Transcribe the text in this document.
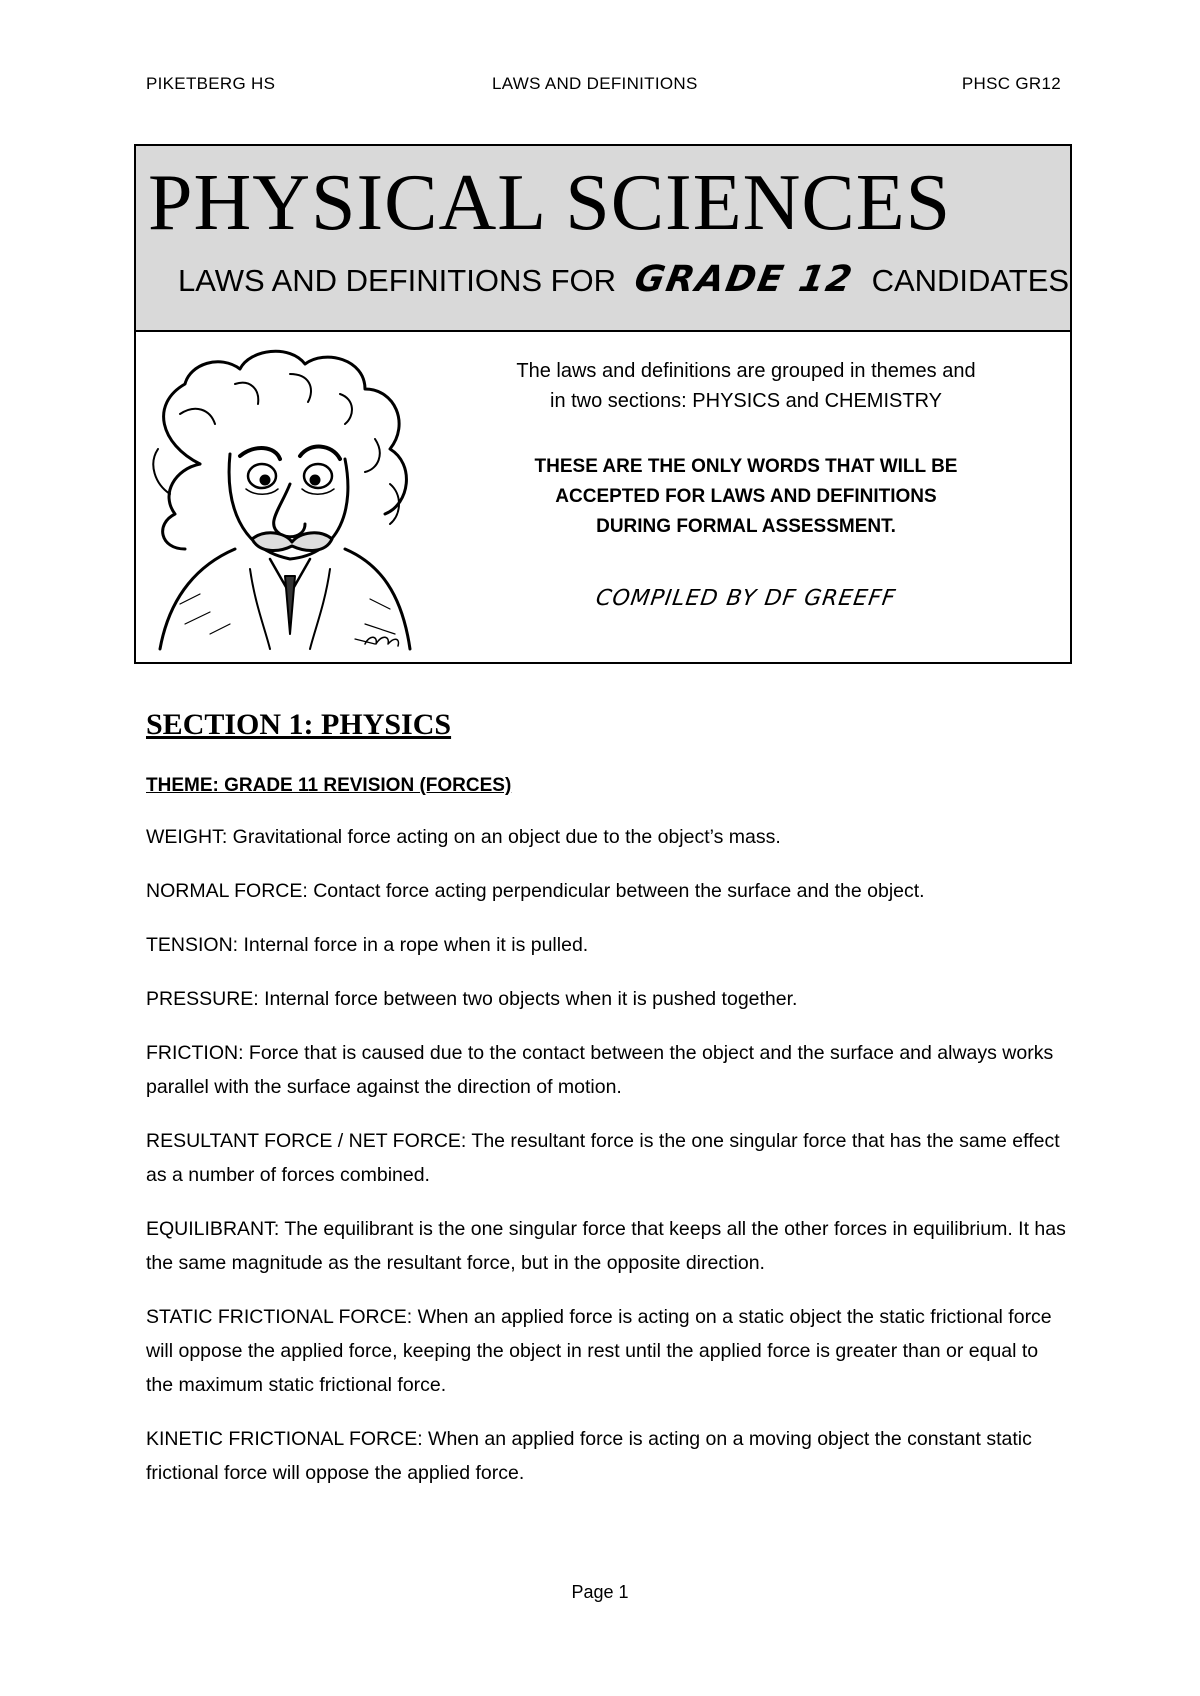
PIKETBERG HS	LAWS AND DEFINITIONS	PHSC GR12
PHYSICAL SCIENCES
LAWS AND DEFINITIONS FOR GRADE 12 CANDIDATES

The laws and definitions are grouped in themes and

in two sections: PHYSICS and CHEMISTRY

THESE ARE THE ONLY WORDS THAT WILL BE
ACCEPTED FOR LAWS AND DEFINITIONS
DURING FORMAL ASSESSMENT.
COMPILED BY DF GREEFF
SECTION 1: PHYSICS
THEME: GRADE 11 REVISION (FORCES)

WEIGHT: Gravitational force acting on an object due to the object’s mass.

NORMAL FORCE: Contact force acting perpendicular between the surface and the object.

TENSION: Internal force in a rope when it is pulled.

PRESSURE: Internal force between two objects when it is pushed together.

FRICTION: Force that is caused due to the contact between the object and the surface and always works parallel with the surface against the direction of motion.

RESULTANT FORCE / NET FORCE: The resultant force is the one singular force that has the same effect as a number of forces combined.

EQUILIBRANT: The equilibrant is the one singular force that keeps all the other forces in equilibrium. It has the same magnitude as the resultant force, but in the opposite direction.

STATIC FRICTIONAL FORCE: When an applied force is acting on a static object the static frictional force will oppose the applied force, keeping the object in rest until the applied force is greater than or equal to the maximum static frictional force.

KINETIC FRICTIONAL FORCE: When an applied force is acting on a moving object the constant static frictional force will oppose the applied force.

Page 1
